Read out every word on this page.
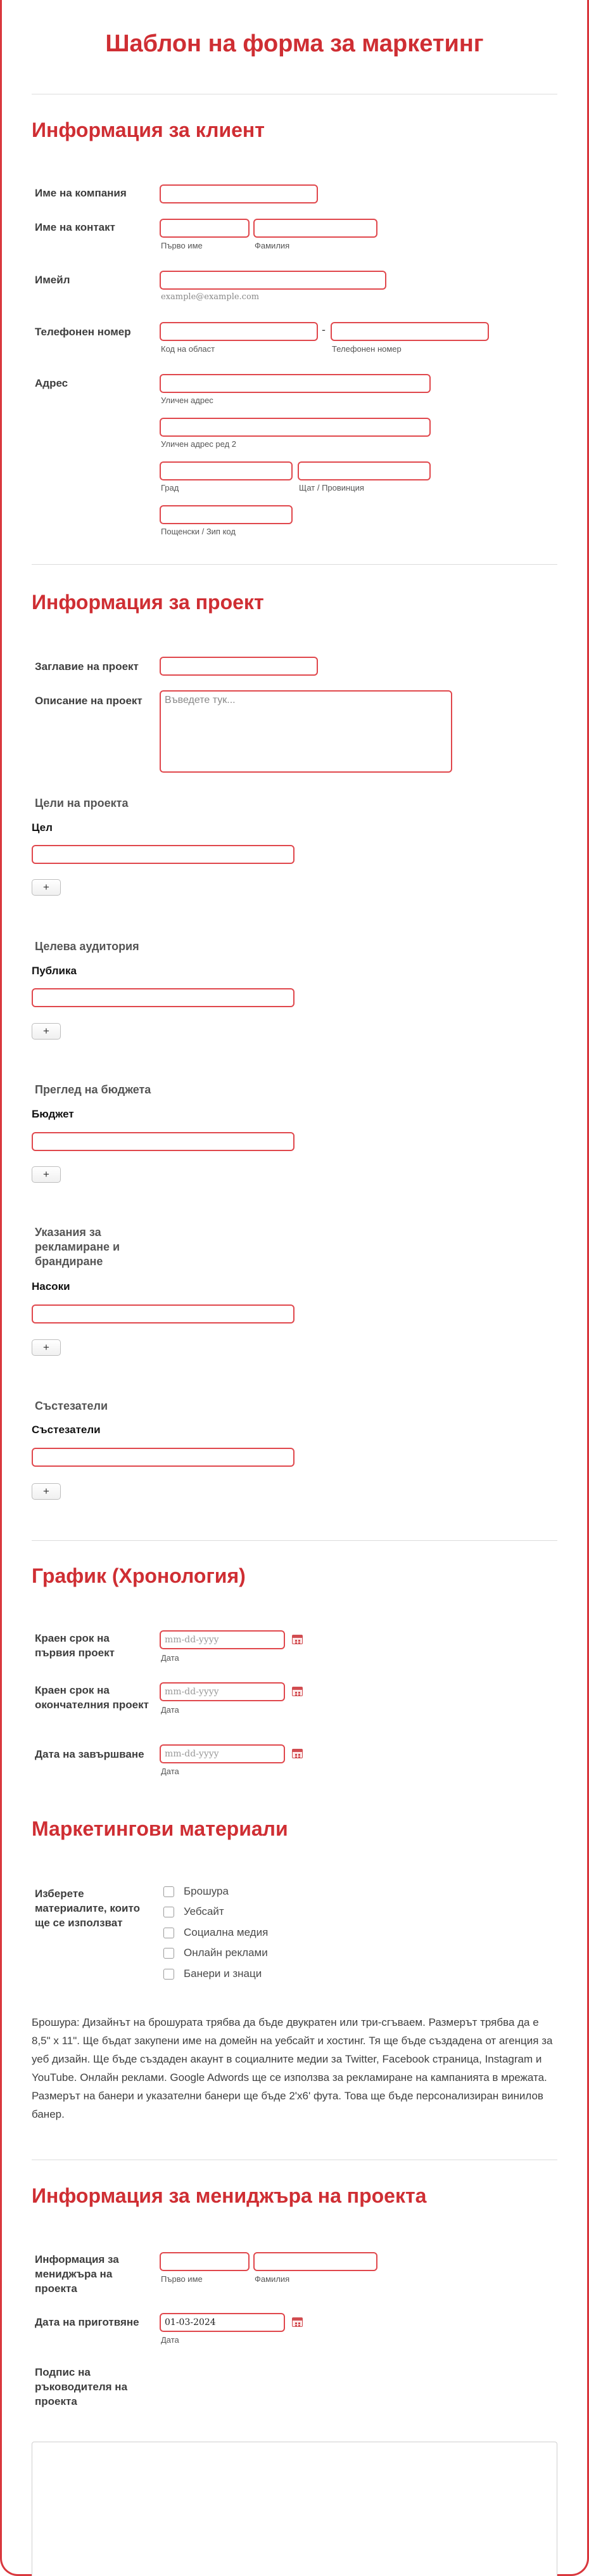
Шаблон на форма за маркетинг
Информация за клиент
Име на компания
Име на контакт
Първо име	Фамилия
Имейл
example@example.com
Телефонен номер	-
Код на област	Телефонен номер
Адрес
Уличен адрес
Уличен адрес ред 2
Град	Щат / Провинция
Пощенски / Зип код
Информация за проект
Заглавие на проект
Описание на проект	Въведете тук...
Цели на проекта
Цел
+
Целева аудитория
Публика
+
Преглед на бюджета
Бюджет
+
Указания за рекламиране и брандиране
Насоки
+
Състезатели
Състезатели
+
График (Хронология)
Краен срок на първия проект
mm-dd-yyyy
Дата
Краен срок на окончателния проект
mm-dd-yyyy
Дата
Дата на завършване	mm-dd-yyyy
Дата
Маркетингови материали
Изберете материалите, които ще се използват
Брошура
Уебсайт
Социална медия
Онлайн реклами
Банери и знаци
Брошура: Дизайнът на брошурата трябва да бъде двукратен или три-сгъваем. Размерът трябва да е 8,5" x 11". Ще бъдат закупени име на домейн на уебсайт и хостинг. Тя ще бъде създадена от агенция за уеб дизайн. Ще бъде създаден акаунт в социалните медии за Twitter, Facebook страница, Instagram и YouTube. Онлайн реклами. Google Adwords ще се използва за рекламиране на кампанията в мрежата. Размерът на банери и указателни банери ще бъде 2'x6' фута. Това ще бъде персонализиран винилов банер.
Информация за мениджъра на проекта
Информация за мениджъра на проекта
Първо име	Фамилия
Дата на приготвяне	01-03-2024
Дата
Подпис на ръководителя на проекта
